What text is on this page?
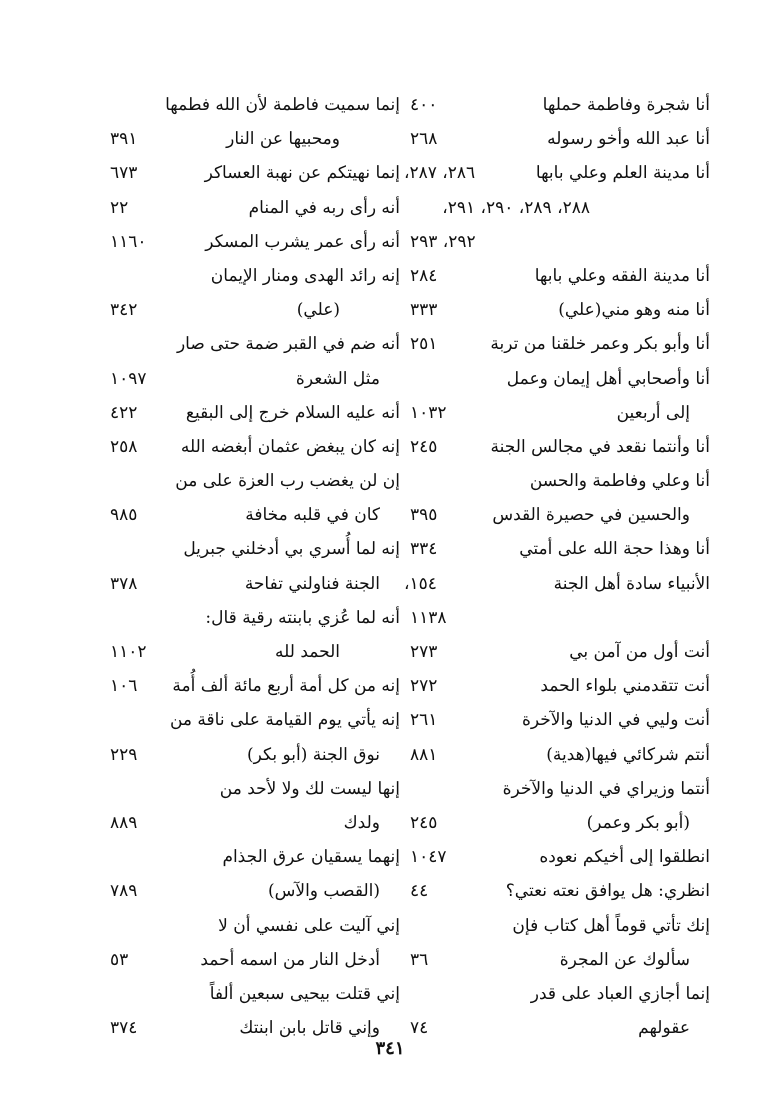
أنا شجرة وفاطمة حملها
٤٠٠
أنا عبد الله وأخو رسوله
٢٦٨
أنا مدينة العلم وعلي بابها
٢٨٦، ٢٨٧،
٢٨٨، ٢٨٩، ٢٩٠، ٢٩١،
٢٩٢، ٢٩٣
أنا مدينة الفقه وعلي بابها
٢٨٤
أنا منه وهو مني(علي)
٣٣٣
أنا وأبو بكر وعمر خلقنا من تربة
٢٥١
أنا وأصحابي أهل إيمان وعمل
إلى أربعين
١٠٣٢
أنا وأنتما نقعد في مجالس الجنة
٢٤٥
أنا وعلي وفاطمة والحسن
والحسين في حصيرة القدس
٣٩٥
أنا وهذا حجة الله على أمتي
٣٣٤
الأنبياء سادة أهل الجنة
١٥٤،
١١٣٨
أنت أول من آمن بي
٢٧٣
أنت تتقدمني بلواء الحمد
٢٧٢
أنت وليي في الدنيا والآخرة
٢٦١
أنتم شركائي فيها(هدية)
٨٨١
أنتما وزيراي في الدنيا والآخرة
(أبو بكر وعمر)
٢٤٥
انطلقوا إلى أخيكم نعوده
١٠٤٧
انظري: هل يوافق نعته نعتي؟
٤٤
إنك تأتي قوماً أهل كتاب فإن
سألوك عن المجرة
٣٦
إنما أجازي العباد على قدر
عقولهم
٧٤
إنما سميت فاطمة لأن الله فطمها
ومحبيها عن النار
٣٩١
إنما نهيتكم عن نهبة العساكر
٦٧٣
أنه رأى ربه في المنام
٢٢
أنه رأى عمر يشرب المسكر
١١٦٠
إنه رائد الهدى ومنار الإيمان
(علي)
٣٤٢
أنه ضم في القبر ضمة حتى صار
مثل الشعرة
١٠٩٧
أنه عليه السلام خرج إلى البقيع
٤٢٢
إنه كان يبغض عثمان أبغضه الله
٢٥٨
إن لن يغضب رب العزة على من
كان في قلبه مخافة
٩٨٥
إنه لما أُسري بي أدخلني جبريل
الجنة فناولني تفاحة
٣٧٨
أنه لما عُزي بابنته رقية قال:
الحمد لله
١١٠٢
إنه من كل أمة أربع مائة ألف أُمة
١٠٦
إنه يأتي يوم القيامة على ناقة من
نوق الجنة (أبو بكر)
٢٢٩
إنها ليست لك ولا لأحد من
ولدك
٨٨٩
إنهما يسقيان عرق الجذام
(القصب والآس)
٧٨٩
إني آليت على نفسي أن لا
أدخل النار من اسمه أحمد
٥٣
إني قتلت بيحيى سبعين ألفاً
وإني قاتل بابن ابنتك
٣٧٤
٣٤١
